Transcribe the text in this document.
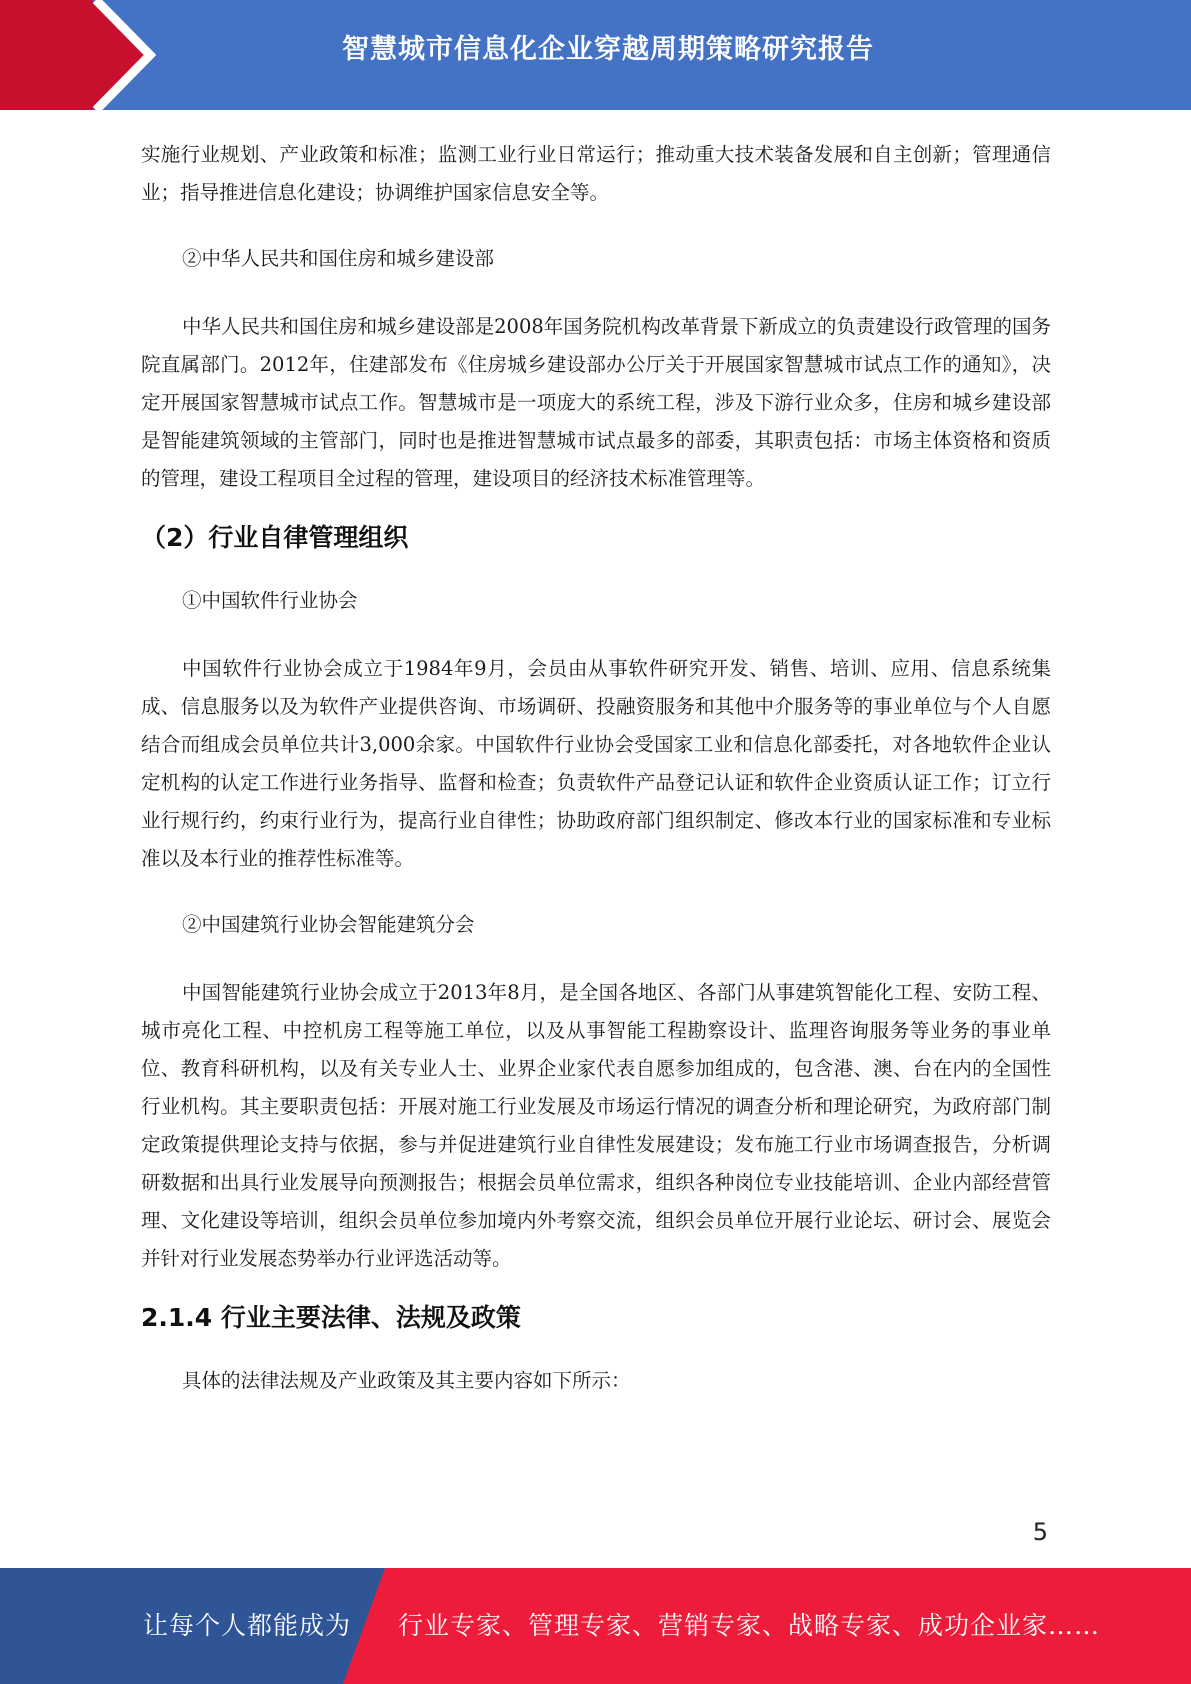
智慧城市信息化企业穿越周期策略研究报告

实施行业规划、产业政策和标准；监测工业行业日常运行；推动重大技术装备发展和自主创新；管理通信业；指导推进信息化建设；协调维护国家信息安全等。

②中华人民共和国住房和城乡建设部

中华人民共和国住房和城乡建设部是2008年国务院机构改革背景下新成立的负责建设行政管理的国务院直属部门。2012年，住建部发布《住房城乡建设部办公厅关于开展国家智慧城市试点工作的通知》，决定开展国家智慧城市试点工作。智慧城市是一项庞大的系统工程，涉及下游行业众多，住房和城乡建设部是智能建筑领域的主管部门，同时也是推进智慧城市试点最多的部委，其职责包括：市场主体资格和资质的管理，建设工程项目全过程的管理，建设项目的经济技术标准管理等。

（2）行业自律管理组织

①中国软件行业协会

中国软件行业协会成立于1984年9月，会员由从事软件研究开发、销售、培训、应用、信息系统集成、信息服务以及为软件产业提供咨询、市场调研、投融资服务和其他中介服务等的事业单位与个人自愿结合而组成会员单位共计3,000余家。中国软件行业协会受国家工业和信息化部委托，对各地软件企业认定机构的认定工作进行业务指导、监督和检查；负责软件产品登记认证和软件企业资质认证工作；订立行业行规行约，约束行业行为，提高行业自律性；协助政府部门组织制定、修改本行业的国家标准和专业标准以及本行业的推荐性标准等。

②中国建筑行业协会智能建筑分会

中国智能建筑行业协会成立于2013年8月，是全国各地区、各部门从事建筑智能化工程、安防工程、城市亮化工程、中控机房工程等施工单位，以及从事智能工程勘察设计、监理咨询服务等业务的事业单位、教育科研机构，以及有关专业人士、业界企业家代表自愿参加组成的，包含港、澳、台在内的全国性行业机构。其主要职责包括：开展对施工行业发展及市场运行情况的调查分析和理论研究，为政府部门制定政策提供理论支持与依据，参与并促进建筑行业自律性发展建设；发布施工行业市场调查报告，分析调研数据和出具行业发展导向预测报告；根据会员单位需求，组织各种岗位专业技能培训、企业内部经营管理、文化建设等培训，组织会员单位参加境内外考察交流，组织会员单位开展行业论坛、研讨会、展览会并针对行业发展态势举办行业评选活动等。

2.1.4 行业主要法律、法规及政策

具体的法律法规及产业政策及其主要内容如下所示：

5
让每个人都能成为 行业专家、管理专家、营销专家、战略专家、成功企业家……
